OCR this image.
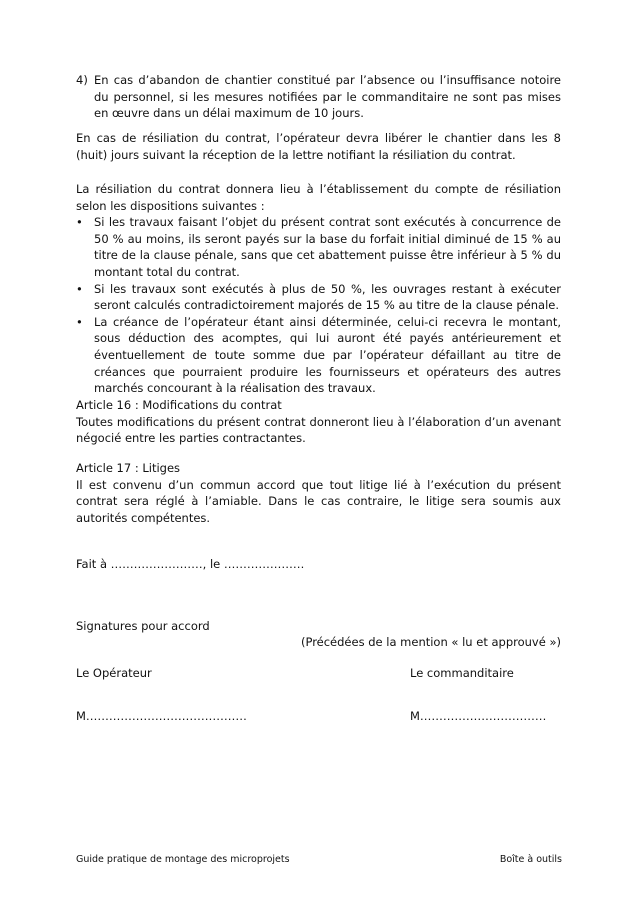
4) En cas d’abandon de chantier constitué par l’absence ou l’insuffisance notoire du personnel, si les mesures notifiées par le commanditaire ne sont pas mises en œuvre dans un délai maximum de 10 jours.

En cas de résiliation du contrat, l’opérateur devra libérer le chantier dans les 8 (huit) jours suivant la réception de la lettre notifiant la résiliation du contrat.

La résiliation du contrat donnera lieu à l’établissement du compte de résiliation selon les dispositions suivantes :

• Si les travaux faisant l’objet du présent contrat sont exécutés à concurrence de 50 % au moins, ils seront payés sur la base du forfait initial diminué de 15 % au titre de la clause pénale, sans que cet abattement puisse être inférieur à 5 % du montant total du contrat.
• Si les travaux sont exécutés à plus de 50 %, les ouvrages restant à exécuter seront calculés contradictoirement majorés de 15 % au titre de la clause pénale.
• La créance de l’opérateur étant ainsi déterminée, celui-ci recevra le montant, sous déduction des acomptes, qui lui auront été payés antérieurement et éventuellement de toute somme due par l’opérateur défaillant au titre de créances que pourraient produire les fournisseurs et opérateurs des autres marchés concourant à la réalisation des travaux.

Article 16 : Modifications du contrat

Toutes modifications du présent contrat donneront lieu à l’élaboration d’un avenant négocié entre les parties contractantes.

Article 17 : Litiges

Il est convenu d’un commun accord que tout litige lié à l’exécution du présent contrat sera réglé à l’amiable. Dans le cas contraire, le litige sera soumis aux autorités compétentes.

Fait à ……………………, le …………………
Signatures pour accord
(Précédées de la mention « lu et approuvé »)
Le Opérateur	Le commanditaire
M……………………………………	M……………………………
Guide pratique de montage des microprojets	Boîte à outils
